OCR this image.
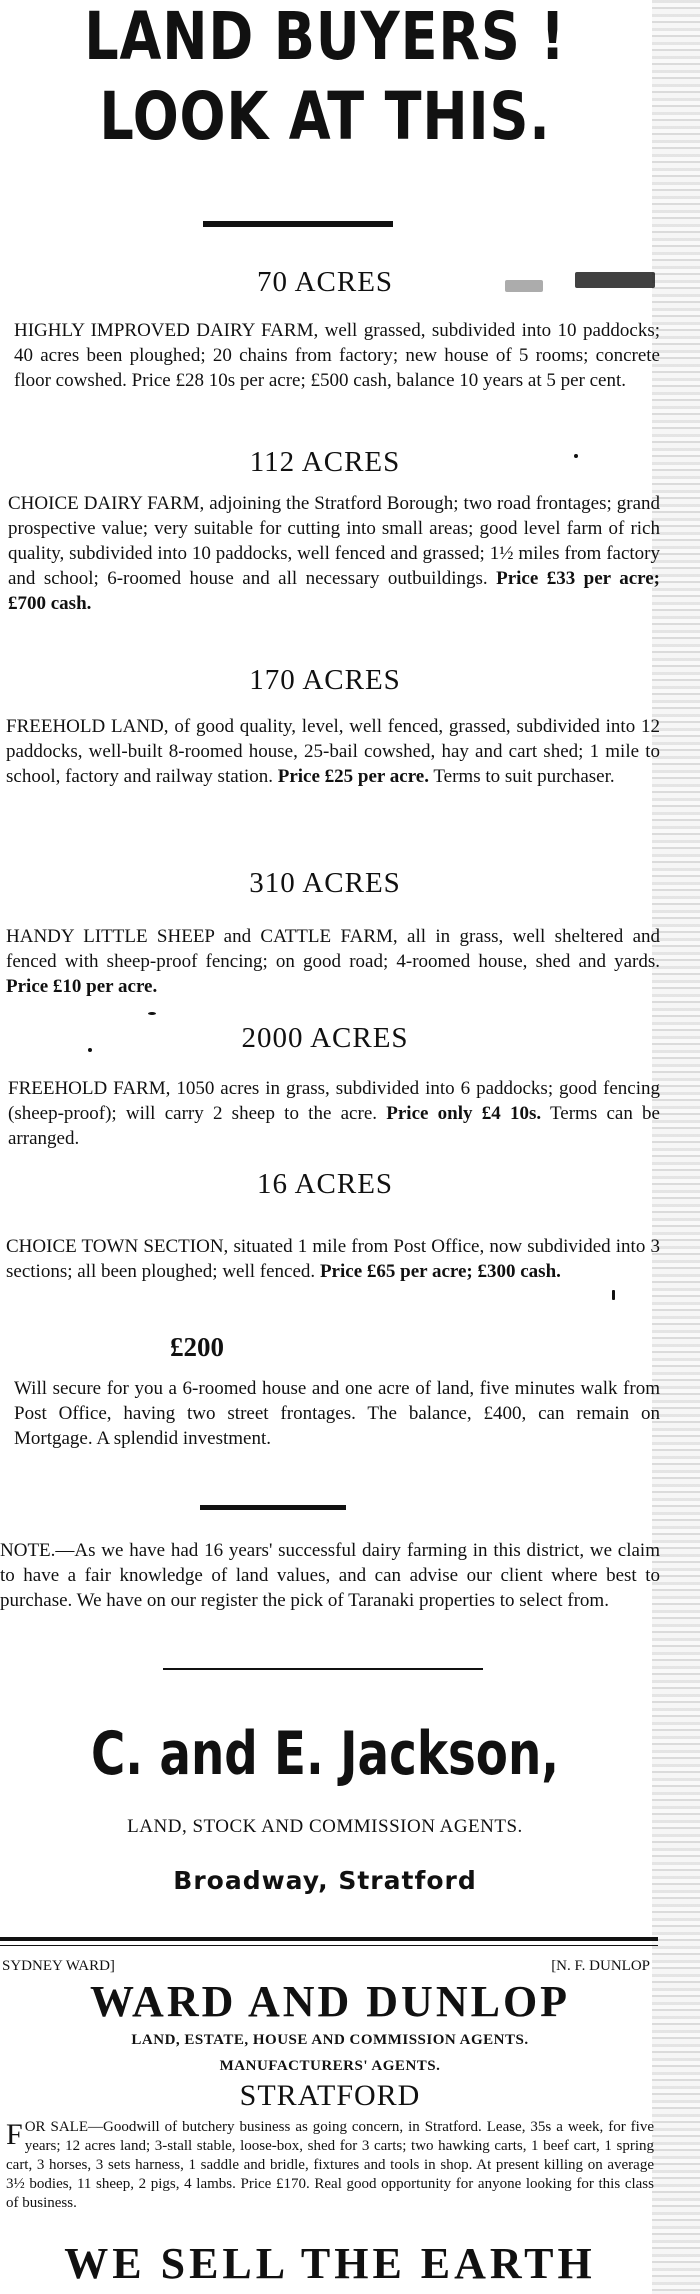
LAND BUYERS !
LOOK AT THIS.
70 ACRES
HIGHLY IMPROVED DAIRY FARM, well grassed, subdivided into 10 paddocks; 40 acres been ploughed; 20 chains from factory; new house of 5 rooms; concrete floor cowshed. Price £28 10s per acre; £500 cash, balance 10 years at 5 per cent.
112 ACRES
CHOICE DAIRY FARM, adjoining the Stratford Borough; two road frontages; grand prospective value; very suitable for cutting into small areas; good level farm of rich quality, subdivided into 10 paddocks, well fenced and grassed; 1½ miles from factory and school; 6-roomed house and all necessary outbuildings. Price £33 per acre; £700 cash.
170 ACRES
FREEHOLD LAND, of good quality, level, well fenced, grassed, subdivided into 12 paddocks, well-built 8-roomed house, 25-bail cowshed, hay and cart shed; 1 mile to school, factory and railway station. Price £25 per acre. Terms to suit purchaser.
310 ACRES
HANDY LITTLE SHEEP and CATTLE FARM, all in grass, well sheltered and fenced with sheep-proof fencing; on good road; 4-roomed house, shed and yards. Price £10 per acre.
2000 ACRES
FREEHOLD FARM, 1050 acres in grass, subdivided into 6 paddocks; good fencing (sheep-proof); will carry 2 sheep to the acre. Price only £4 10s. Terms can be arranged.
16 ACRES
CHOICE TOWN SECTION, situated 1 mile from Post Office, now subdivided into 3 sections; all been ploughed; well fenced. Price £65 per acre; £300 cash.
£200
Will secure for you a 6-roomed house and one acre of land, five minutes walk from Post Office, having two street frontages. The balance, £400, can remain on Mortgage. A splendid investment.
NOTE.—As we have had 16 years' successful dairy farming in this district, we claim to have a fair knowledge of land values, and can advise our client where best to purchase. We have on our register the pick of Taranaki properties to select from.
C. and E. Jackson,
LAND, STOCK AND COMMISSION AGENTS.
Broadway, Stratford
SYDNEY WARD]	[N. F. DUNLOP
WARD AND DUNLOP
LAND, ESTATE, HOUSE AND COMMISSION AGENTS.
MANUFACTURERS' AGENTS.
STRATFORD
FOR SALE—Goodwill of butchery business as going concern, in Stratford. Lease, 35s a week, for five years; 12 acres land; 3-stall stable, loose-box, shed for 3 carts; two hawking carts, 1 beef cart, 1 spring cart, 3 horses, 3 sets harness, 1 saddle and bridle, fixtures and tools in shop. At present killing on average 3½ bodies, 11 sheep, 2 pigs, 4 lambs. Price £170. Real good opportunity for anyone looking for this class of business.
WE SELL THE EARTH
